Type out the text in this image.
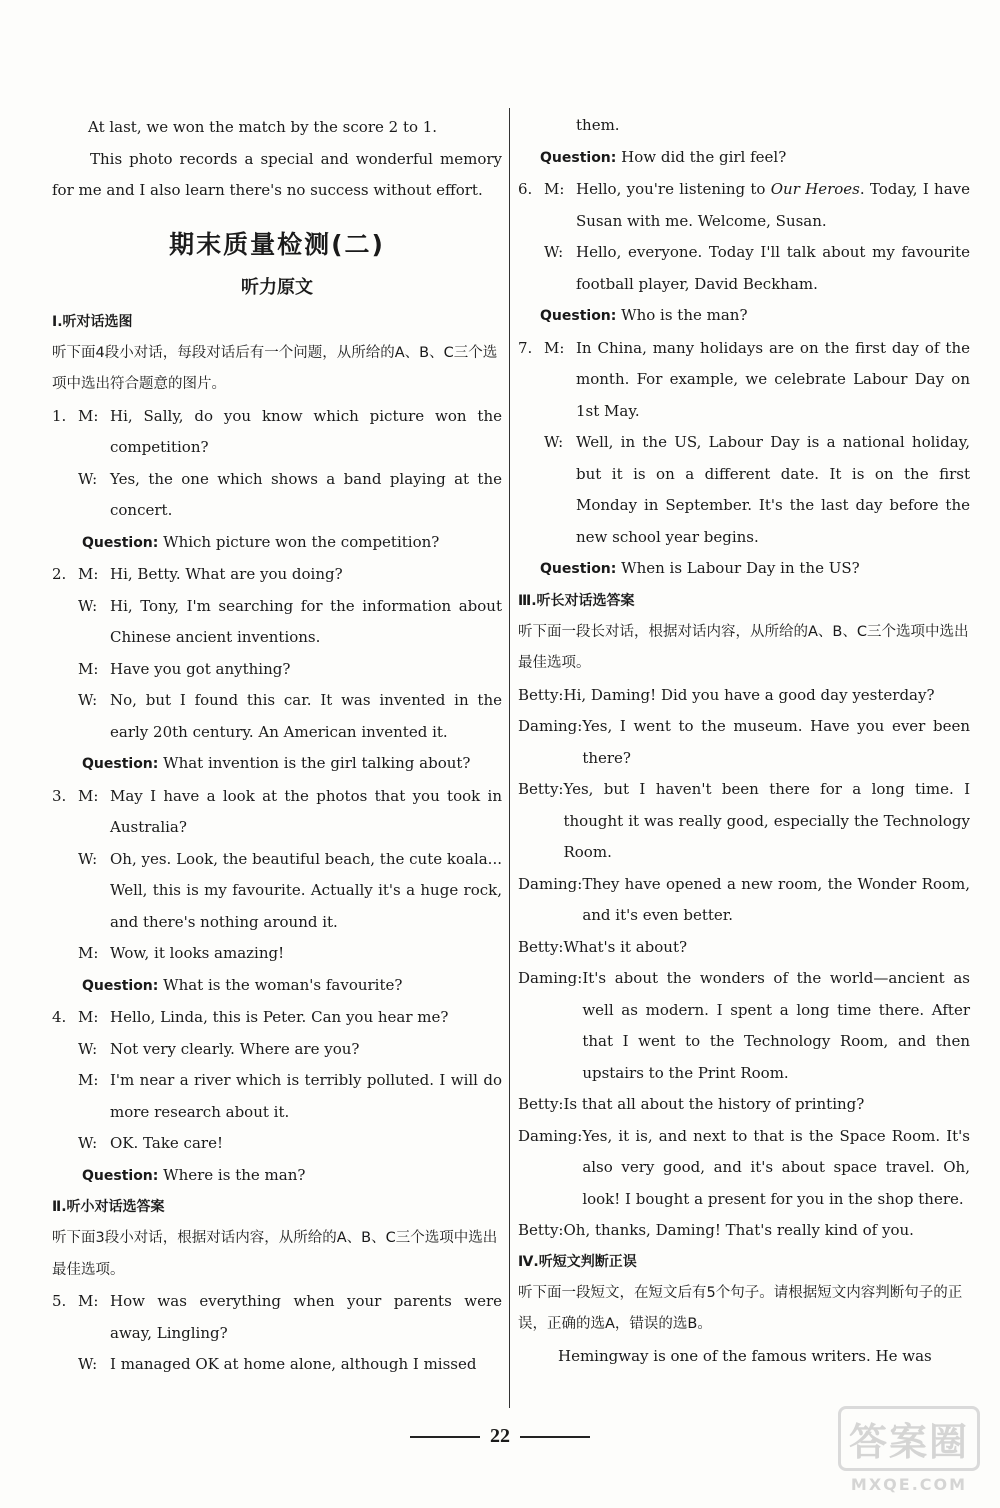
At last, we won the match by the score 2 to 1.

This photo records a special and wonderful memory for me and I also learn there's no success without effort.

期末质量检测(二)
听力原文

Ⅰ.听对话选图

听下面4段小对话，每段对话后有一个问题，从所给的A、B、C三个选项中选出符合题意的图片。

1. M: Hi, Sally, do you know which picture won the competition?
W: Yes, the one which shows a band playing at the concert.
Question: Which picture won the competition?
2. M: Hi, Betty. What are you doing?
W: Hi, Tony, I'm searching for the information about Chinese ancient inventions.
M: Have you got anything?
W: No, but I found this car. It was invented in the early 20th century. An American invented it.
Question: What invention is the girl talking about?
3. M: May I have a look at the photos that you took in Australia?
W: Oh, yes. Look, the beautiful beach, the cute koala... Well, this is my favourite. Actually it's a huge rock, and there's nothing around it.
M: Wow, it looks amazing!
Question: What is the woman's favourite?
4. M: Hello, Linda, this is Peter. Can you hear me?
W: Not very clearly. Where are you?
M: I'm near a river which is terribly polluted. I will do more research about it.
W: OK. Take care!
Question: Where is the man?

Ⅱ.听小对话选答案

听下面3段小对话，根据对话内容，从所给的A、B、C三个选项中选出最佳选项。

5. M: How was everything when your parents were away, Lingling?
W: I managed OK at home alone, although I missed
them.
Question: How did the girl feel?
6. M: Hello, you're listening to Our Heroes. Today, I have Susan with me. Welcome, Susan.
W: Hello, everyone. Today I'll talk about my favourite football player, David Beckham.
Question: Who is the man?
7. M: In China, many holidays are on the first day of the month. For example, we celebrate Labour Day on 1st May.
W: Well, in the US, Labour Day is a national holiday, but it is on a different date. It is on the first Monday in September. It's the last day before the new school year begins.
Question: When is Labour Day in the US?

Ⅲ.听长对话选答案

听下面一段长对话，根据对话内容，从所给的A、B、C三个选项中选出最佳选项。

Betty: Hi, Daming! Did you have a good day yesterday?
Daming: Yes, I went to the museum. Have you ever been there?
Betty: Yes, but I haven't been there for a long time. I thought it was really good, especially the Technology Room.
Daming: They have opened a new room, the Wonder Room, and it's even better.
Betty: What's it about?
Daming: It's about the wonders of the world—ancient as well as modern. I spent a long time there. After that I went to the Technology Room, and then upstairs to the Print Room.
Betty: Is that all about the history of printing?
Daming: Yes, it is, and next to that is the Space Room. It's also very good, and it's about space travel. Oh, look! I bought a present for you in the shop there.
Betty: Oh, thanks, Daming! That's really kind of you.

Ⅳ.听短文判断正误

听下面一段短文，在短文后有5个句子。请根据短文内容判断句子的正误，正确的选A，错误的选B。

Hemingway is one of the famous writers. He was

22	答案圈
MXQE.COM
